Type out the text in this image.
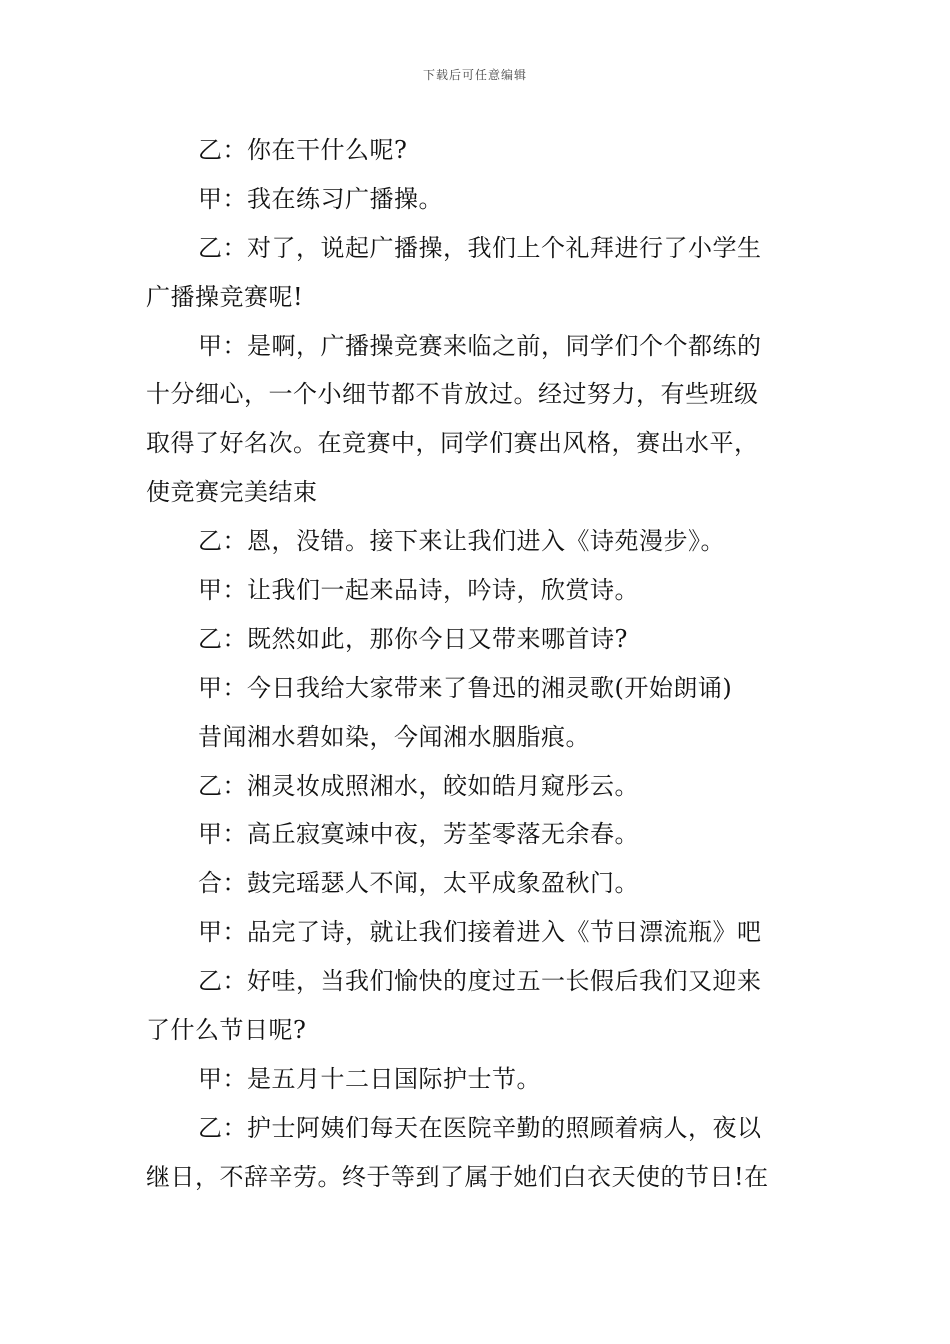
下载后可任意编辑
乙：你在干什么呢?
甲：我在练习广播操。
乙：对了，说起广播操，我们上个礼拜进行了小学生
广播操竞赛呢!
甲：是啊，广播操竞赛来临之前，同学们个个都练的
十分细心，一个小细节都不肯放过。经过努力，有些班级
取得了好名次。在竞赛中，同学们赛出风格，赛出水平，
使竞赛完美结束
乙：恩，没错。接下来让我们进入《诗苑漫步》。
甲：让我们一起来品诗，吟诗，欣赏诗。
乙：既然如此，那你今日又带来哪首诗?
甲：今日我给大家带来了鲁迅的湘灵歌(开始朗诵)
昔闻湘水碧如染，今闻湘水胭脂痕。
乙：湘灵妆成照湘水，皎如皓月窥彤云。
甲：高丘寂寞竦中夜，芳荃零落无余春。
合：鼓完瑶瑟人不闻，太平成象盈秋门。
甲：品完了诗，就让我们接着进入《节日漂流瓶》吧
乙：好哇，当我们愉快的度过五一长假后我们又迎来
了什么节日呢?
甲：是五月十二日国际护士节。
乙：护士阿姨们每天在医院辛勤的照顾着病人，夜以
继日，不辞辛劳。终于等到了属于她们白衣天使的节日!在
